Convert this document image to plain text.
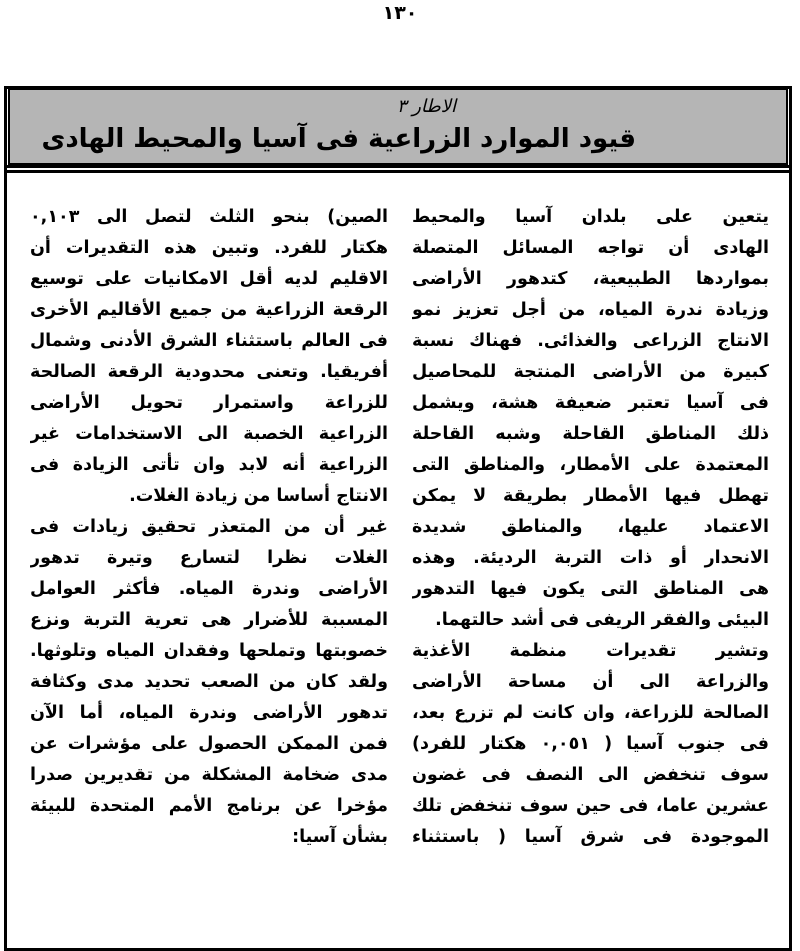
١٣٠
الاطار ٣
قيود الموارد الزراعية فى آسيا والمحيط الهادى
يتعين على بلدان آسيا والمحيط
الهادى أن تواجه المسائل المتصلة
بمواردها الطبيعية، كتدهور الأراضى
وزيادة ندرة المياه، من أجل تعزيز نمو
الانتاج الزراعى والغذائى. فهناك نسبة
كبيرة من الأراضى المنتجة للمحاصيل
فى آسيا تعتبر ضعيفة هشة، ويشمل
ذلك المناطق القاحلة وشبه القاحلة
المعتمدة على الأمطار، والمناطق التى
تهطل فيها الأمطار بطريقة لا يمكن
الاعتماد عليها، والمناطق شديدة
الانحدار أو ذات التربة الرديئة. وهذه
هى المناطق التى يكون فيها التدهور
البيئى والفقر الريفى فى أشد حالتهما.
وتشير تقديرات منظمة الأغذية
والزراعة الى أن مساحة الأراضى
الصالحة للزراعة، وان كانت لم تزرع بعد،
فى جنوب آسيا ( ٠,٠٥١ هكتار للفرد)
سوف تنخفض الى النصف فى غضون
عشرين عاما، فى حين سوف تنخفض تلك
الموجودة فى شرق آسيا ( باستثناء
الصين) بنحو الثلث لتصل الى ٠,١٠٣
هكتار للفرد. وتبين هذه التقديرات أن
الاقليم لديه أقل الامكانيات على توسيع
الرقعة الزراعية من جميع الأقاليم الأخرى
فى العالم باستثناء الشرق الأدنى وشمال
أفريقيا. وتعنى محدودية الرقعة الصالحة
للزراعة واستمرار تحويل الأراضى
الزراعية الخصبة الى الاستخدامات غير
الزراعية أنه لابد وان تأتى الزيادة فى
الانتاج أساسا من زيادة الغلات.
غير أن من المتعذر تحقيق زيادات فى
الغلات نظرا لتسارع وتيرة تدهور
الأراضى وندرة المياه. فأكثر العوامل
المسببة للأضرار هى تعرية التربة ونزع
خصوبتها وتملحها وفقدان المياه وتلوثها.
ولقد كان من الصعب تحديد مدى وكثافة
تدهور الأراضى وندرة المياه، أما الآن
فمن الممكن الحصول على مؤشرات عن
مدى ضخامة المشكلة من تقديرين صدرا
مؤخرا عن برنامج الأمم المتحدة للبيئة
بشأن آسيا:
